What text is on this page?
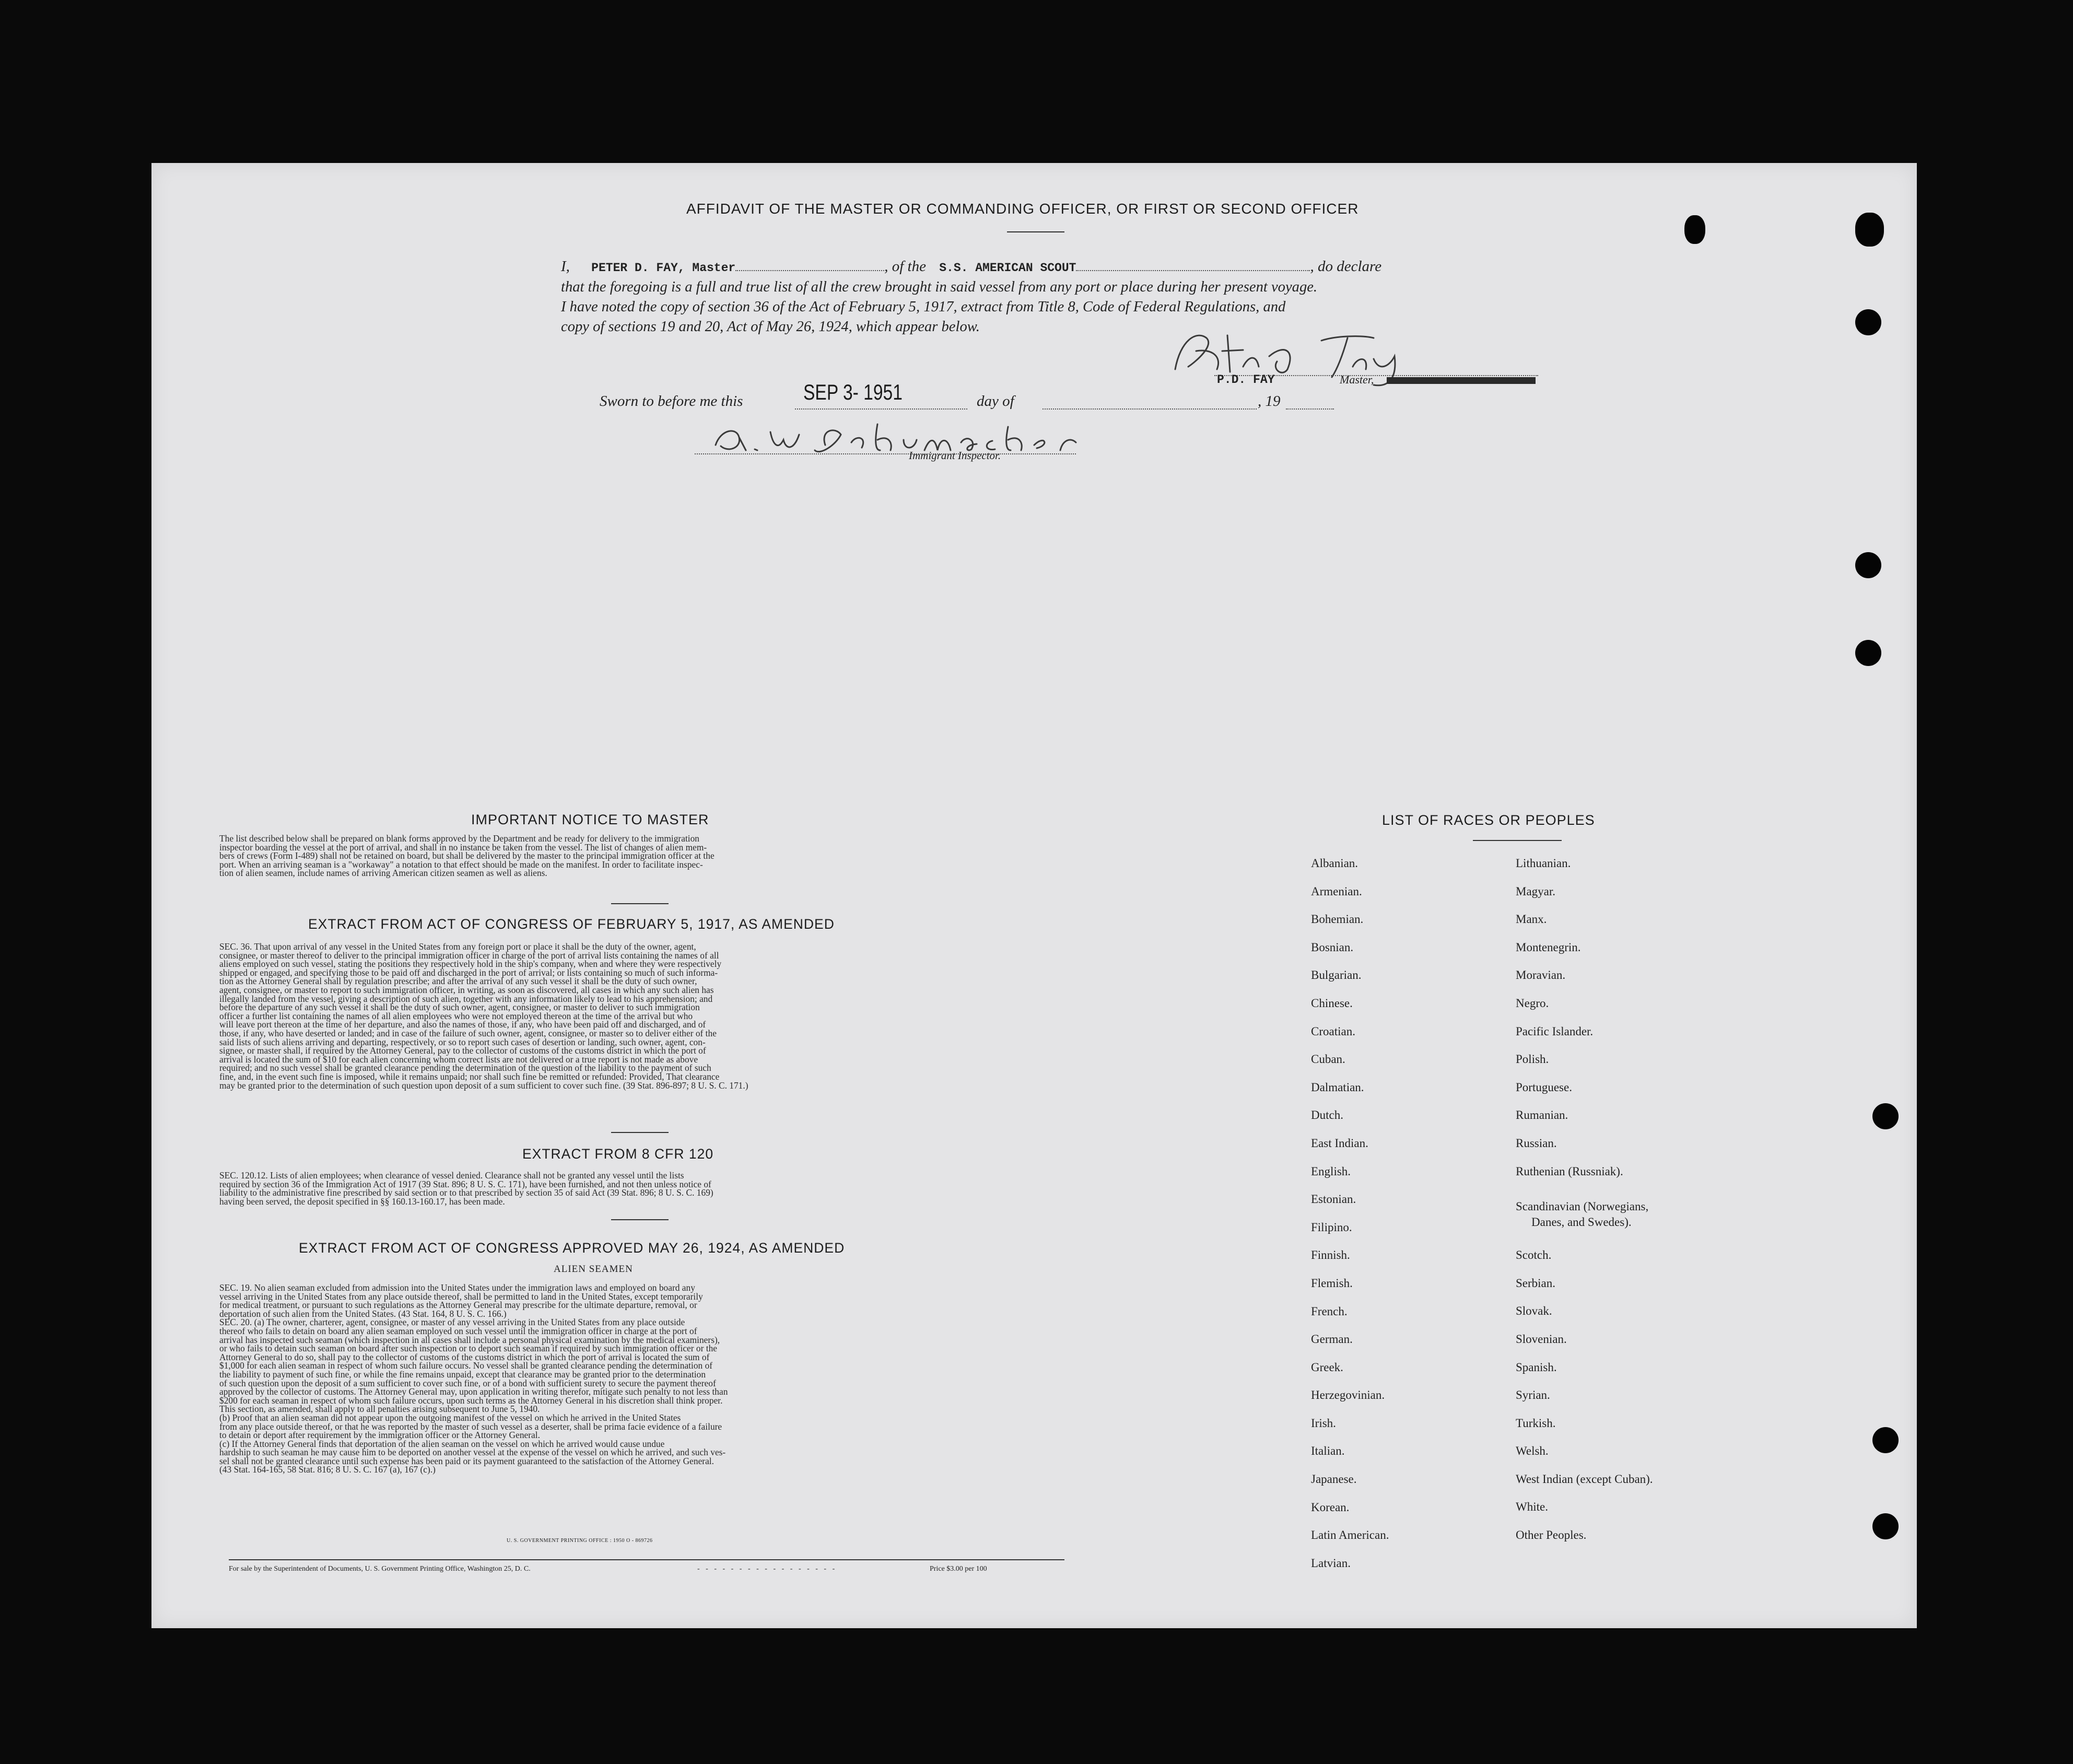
AFFIDAVIT OF THE MASTER OR COMMANDING OFFICER, OR FIRST OR SECOND OFFICER
I, PETER D. FAY, Master	, of the S.S. AMERICAN SCOUT	, do declare
that the foregoing is a full and true list of all the crew brought in said vessel from any port or place during her present voyage.
I have noted the copy of section 36 of the Act of February 5, 1917, extract from Title 8, Code of Federal Regulations, and
copy of sections 19 and 20, Act of May 26, 1924, which appear below.
P.D. FAY	Master,
Sworn to before me this	SEP 3- 1951	day of	, 19
Immigrant Inspector.
IMPORTANT NOTICE TO MASTER
The list described below shall be prepared on blank forms approved by the Department and be ready for delivery to the immigration
inspector boarding the vessel at the port of arrival, and shall in no instance be taken from the vessel. The list of changes of alien mem-
bers of crews (Form I-489) shall not be retained on board, but shall be delivered by the master to the principal immigration officer at the
port. When an arriving seaman is a "workaway" a notation to that effect should be made on the manifest. In order to facilitate inspec-
tion of alien seamen, include names of arriving American citizen seamen as well as aliens.
EXTRACT FROM ACT OF CONGRESS OF FEBRUARY 5, 1917, AS AMENDED
SEC. 36. That upon arrival of any vessel in the United States from any foreign port or place it shall be the duty of the owner, agent,
consignee, or master thereof to deliver to the principal immigration officer in charge of the port of arrival lists containing the names of all
aliens employed on such vessel, stating the positions they respectively hold in the ship's company, when and where they were respectively
shipped or engaged, and specifying those to be paid off and discharged in the port of arrival; or lists containing so much of such informa-
tion as the Attorney General shall by regulation prescribe; and after the arrival of any such vessel it shall be the duty of such owner,
agent, consignee, or master to report to such immigration officer, in writing, as soon as discovered, all cases in which any such alien has
illegally landed from the vessel, giving a description of such alien, together with any information likely to lead to his apprehension; and
before the departure of any such vessel it shall be the duty of such owner, agent, consignee, or master to deliver to such immigration
officer a further list containing the names of all alien employees who were not employed thereon at the time of the arrival but who
will leave port thereon at the time of her departure, and also the names of those, if any, who have been paid off and discharged, and of
those, if any, who have deserted or landed; and in case of the failure of such owner, agent, consignee, or master so to deliver either of the
said lists of such aliens arriving and departing, respectively, or so to report such cases of desertion or landing, such owner, agent, con-
signee, or master shall, if required by the Attorney General, pay to the collector of customs of the customs district in which the port of
arrival is located the sum of $10 for each alien concerning whom correct lists are not delivered or a true report is not made as above
required; and no such vessel shall be granted clearance pending the determination of the question of the liability to the payment of such
fine, and, in the event such fine is imposed, while it remains unpaid; nor shall such fine be remitted or refunded: Provided, That clearance
may be granted prior to the determination of such question upon deposit of a sum sufficient to cover such fine. (39 Stat. 896-897; 8 U. S. C. 171.)
EXTRACT FROM 8 CFR 120
SEC. 120.12. Lists of alien employees; when clearance of vessel denied. Clearance shall not be granted any vessel until the lists
required by section 36 of the Immigration Act of 1917 (39 Stat. 896; 8 U. S. C. 171), have been furnished, and not then unless notice of
liability to the administrative fine prescribed by said section or to that prescribed by section 35 of said Act (39 Stat. 896; 8 U. S. C. 169)
having been served, the deposit specified in §§ 160.13-160.17, has been made.
EXTRACT FROM ACT OF CONGRESS APPROVED MAY 26, 1924, AS AMENDED
ALIEN SEAMEN
SEC. 19. No alien seaman excluded from admission into the United States under the immigration laws and employed on board any
vessel arriving in the United States from any place outside thereof, shall be permitted to land in the United States, except temporarily
for medical treatment, or pursuant to such regulations as the Attorney General may prescribe for the ultimate departure, removal, or
deportation of such alien from the United States. (43 Stat. 164, 8 U. S. C. 166.)
SEC. 20. (a) The owner, charterer, agent, consignee, or master of any vessel arriving in the United States from any place outside
thereof who fails to detain on board any alien seaman employed on such vessel until the immigration officer in charge at the port of
arrival has inspected such seaman (which inspection in all cases shall include a personal physical examination by the medical examiners),
or who fails to detain such seaman on board after such inspection or to deport such seaman if required by such immigration officer or the
Attorney General to do so, shall pay to the collector of customs of the customs district in which the port of arrival is located the sum of
$1,000 for each alien seaman in respect of whom such failure occurs. No vessel shall be granted clearance pending the determination of
the liability to payment of such fine, or while the fine remains unpaid, except that clearance may be granted prior to the determination
of such question upon the deposit of a sum sufficient to cover such fine, or of a bond with sufficient surety to secure the payment thereof
approved by the collector of customs. The Attorney General may, upon application in writing therefor, mitigate such penalty to not less than
$200 for each seaman in respect of whom such failure occurs, upon such terms as the Attorney General in his discretion shall think proper.
This section, as amended, shall apply to all penalties arising subsequent to June 5, 1940.
(b) Proof that an alien seaman did not appear upon the outgoing manifest of the vessel on which he arrived in the United States
from any place outside thereof, or that he was reported by the master of such vessel as a deserter, shall be prima facie evidence of a failure
to detain or deport after requirement by the immigration officer or the Attorney General.
(c) If the Attorney General finds that deportation of the alien seaman on the vessel on which he arrived would cause undue
hardship to such seaman he may cause him to be deported on another vessel at the expense of the vessel on which he arrived, and such ves-
sel shall not be granted clearance until such expense has been paid or its payment guaranteed to the satisfaction of the Attorney General.
(43 Stat. 164-165, 58 Stat. 816; 8 U. S. C. 167 (a), 167 (c).)
U. S. GOVERNMENT PRINTING OFFICE : 1950 O - 869726
For sale by the Superintendent of Documents, U. S. Government Printing Office, Washington 25, D. C.	- - - - - - - - - - - - - - - - -	Price $3.00 per 100
LIST OF RACES OR PEOPLES
Albanian.
Armenian.
Bohemian.
Bosnian.
Bulgarian.
Chinese.
Croatian.
Cuban.
Dalmatian.
Dutch.
East Indian.
English.
Estonian.
Filipino.
Finnish.
Flemish.
French.
German.
Greek.
Herzegovinian.
Irish.
Italian.
Japanese.
Korean.
Latin American.
Latvian.
Lithuanian.
Magyar.
Manx.
Montenegrin.
Moravian.
Negro.
Pacific Islander.
Polish.
Portuguese.
Rumanian.
Russian.
Ruthenian (Russniak).
Scandinavian (Norwegians,
Danes, and Swedes).
Scotch.
Serbian.
Slovak.
Slovenian.
Spanish.
Syrian.
Turkish.
Welsh.
West Indian (except Cuban).
White.
Other Peoples.
